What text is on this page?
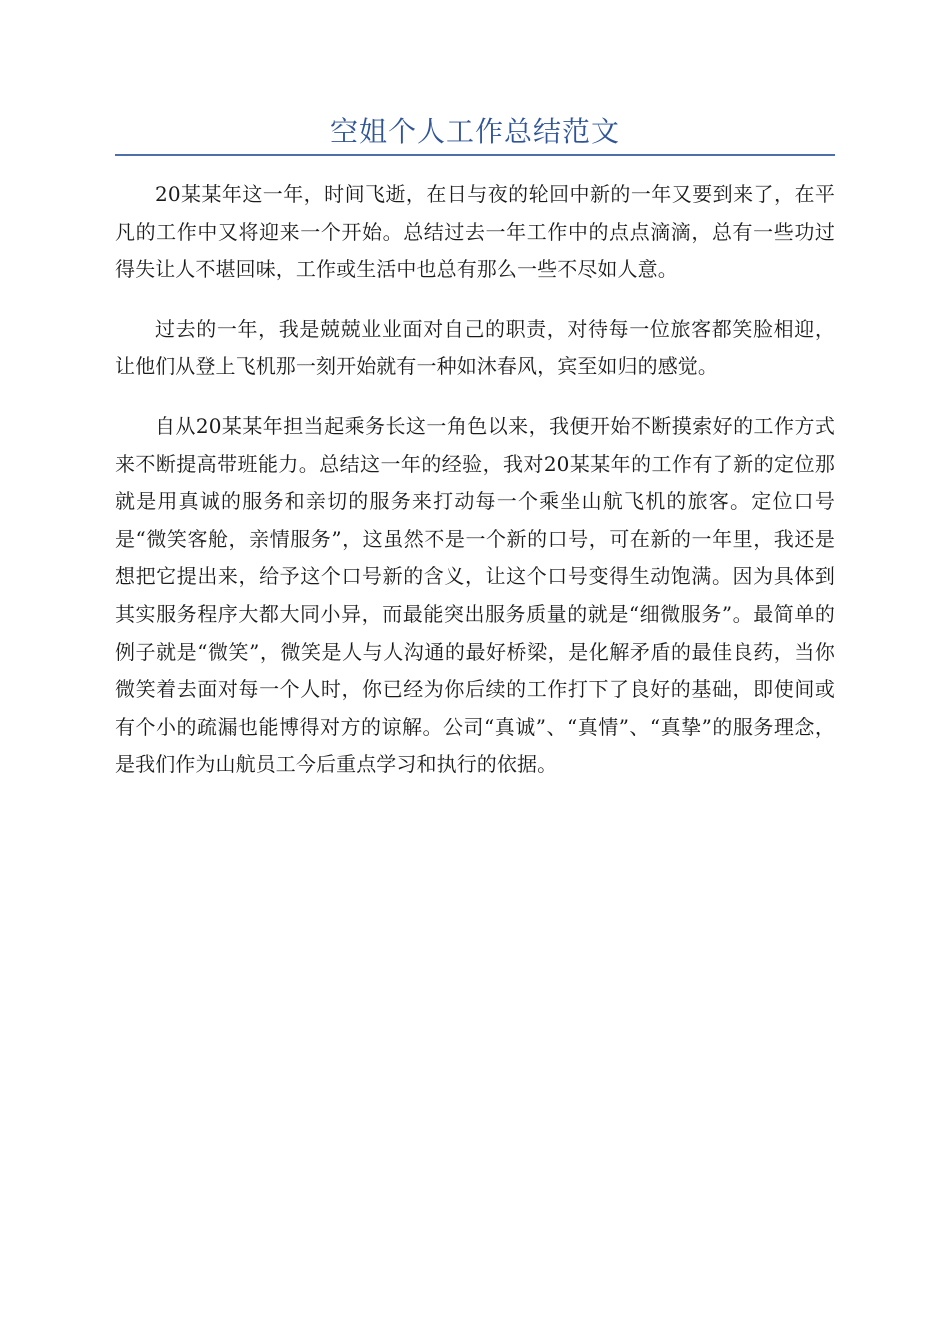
空姐个人工作总结范文

20某某年这一年，时间飞逝，在日与夜的轮回中新的一年又要到来了，在平凡的工作中又将迎来一个开始。总结过去一年工作中的点点滴滴，总有一些功过得失让人不堪回味，工作或生活中也总有那么一些不尽如人意。

过去的一年，我是兢兢业业面对自己的职责，对待每一位旅客都笑脸相迎，让他们从登上飞机那一刻开始就有一种如沐春风，宾至如归的感觉。

自从20某某年担当起乘务长这一角色以来，我便开始不断摸索好的工作方式来不断提高带班能力。总结这一年的经验，我对20某某年的工作有了新的定位那就是用真诚的服务和亲切的服务来打动每一个乘坐山航飞机的旅客。定位口号是“微笑客舱，亲情服务”，这虽然不是一个新的口号，可在新的一年里，我还是想把它提出来，给予这个口号新的含义，让这个口号变得生动饱满。因为具体到其实服务程序大都大同小异，而最能突出服务质量的就是“细微服务”。最简单的例子就是“微笑”，微笑是人与人沟通的最好桥梁，是化解矛盾的最佳良药，当你微笑着去面对每一个人时，你已经为你后续的工作打下了良好的基础，即使间或有个小的疏漏也能博得对方的谅解。公司“真诚”、“真情”、“真挚”的服务理念，是我们作为山航员工今后重点学习和执行的依据。
